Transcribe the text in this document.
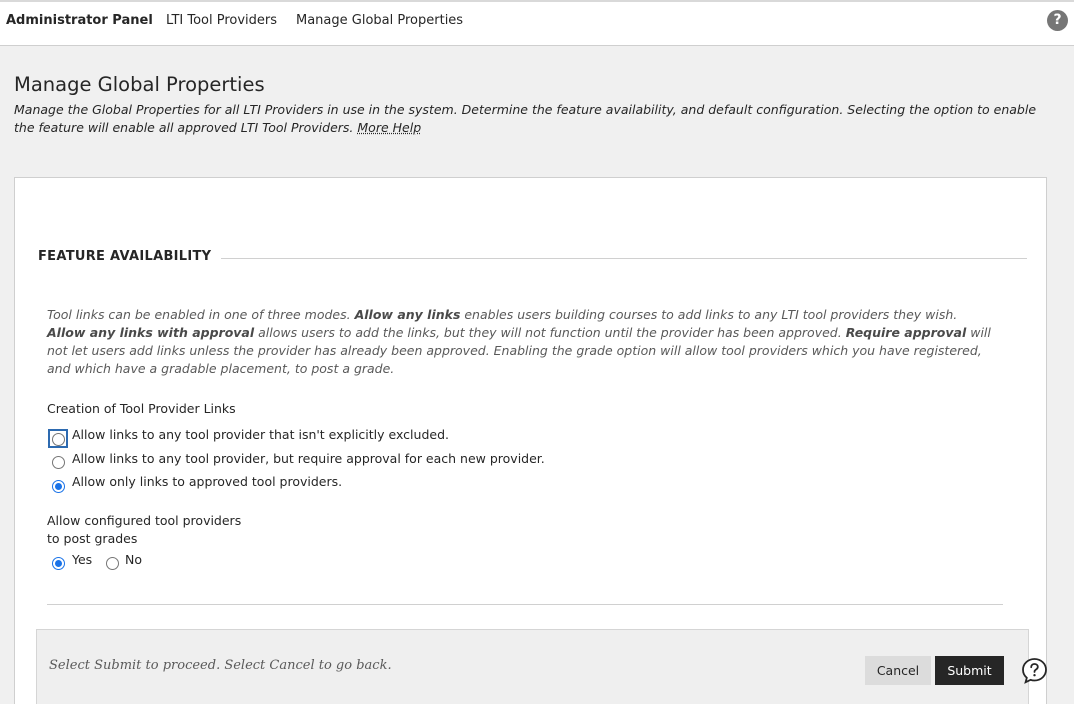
Administrator Panel LTI Tool Providers Manage Global Properties	?
Manage Global Properties

Manage the Global Properties for all LTI Providers in use in the system. Determine the feature availability, and default configuration. Selecting the option to enable the feature will enable all approved LTI Tool Providers. More Help

FEATURE AVAILABILITY

Tool links can be enabled in one of three modes. Allow any links enables users building courses to add links to any LTI tool providers they wish. Allow any links with approval allows users to add the links, but they will not function until the provider has been approved. Require approval will not let users add links unless the provider has already been approved. Enabling the grade option will allow tool providers which you have registered, and which have a gradable placement, to post a grade.

Creation of Tool Provider Links
Allow links to any tool provider that isn't explicitly excluded.
Allow links to any tool provider, but require approval for each new provider.
Allow only links to approved tool providers.
Allow configured tool providers
to post grades
Yes	No
Select Submit to proceed. Select Cancel to go back.	Cancel	Submit
